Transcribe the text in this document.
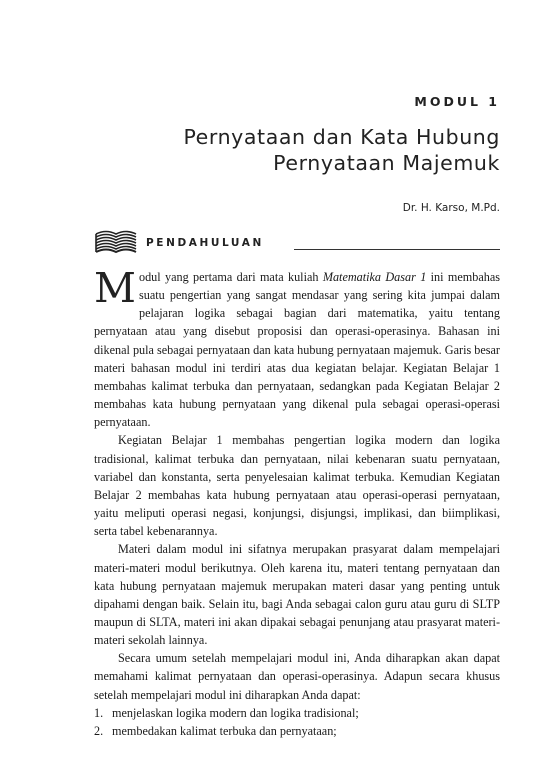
MODUL 1
Pernyataan dan Kata Hubung
Pernyataan Majemuk
Dr. H. Karso, M.Pd.
PENDAHULUAN

Modul yang pertama dari mata kuliah Matematika Dasar 1 ini membahas suatu pengertian yang sangat mendasar yang sering kita jumpai dalam pelajaran logika sebagai bagian dari matematika, yaitu tentang pernyataan atau yang disebut proposisi dan operasi-operasinya. Bahasan ini dikenal pula sebagai pernyataan dan kata hubung pernyataan majemuk. Garis besar materi bahasan modul ini terdiri atas dua kegiatan belajar. Kegiatan Belajar 1 membahas kalimat terbuka dan pernyataan, sedangkan pada Kegiatan Belajar 2 membahas kata hubung pernyataan yang dikenal pula sebagai operasi-operasi pernyataan.

Kegiatan Belajar 1 membahas pengertian logika modern dan logika tradisional, kalimat terbuka dan pernyataan, nilai kebenaran suatu pernyataan, variabel dan konstanta, serta penyelesaian kalimat terbuka. Kemudian Kegiatan Belajar 2 membahas kata hubung pernyataan atau operasi-operasi pernyataan, yaitu meliputi operasi negasi, konjungsi, disjungsi, implikasi, dan biimplikasi, serta tabel kebenarannya.

Materi dalam modul ini sifatnya merupakan prasyarat dalam mempelajari materi-materi modul berikutnya. Oleh karena itu, materi tentang pernyataan dan kata hubung pernyataan majemuk merupakan materi dasar yang penting untuk dipahami dengan baik. Selain itu, bagi Anda sebagai calon guru atau guru di SLTP maupun di SLTA, materi ini akan dipakai sebagai penunjang atau prasyarat materi-materi sekolah lainnya.

Secara umum setelah mempelajari modul ini, Anda diharapkan akan dapat memahami kalimat pernyataan dan operasi-operasinya. Adapun secara khusus setelah mempelajari modul ini diharapkan Anda dapat:

1. menjelaskan logika modern dan logika tradisional;
2. membedakan kalimat terbuka dan pernyataan;
